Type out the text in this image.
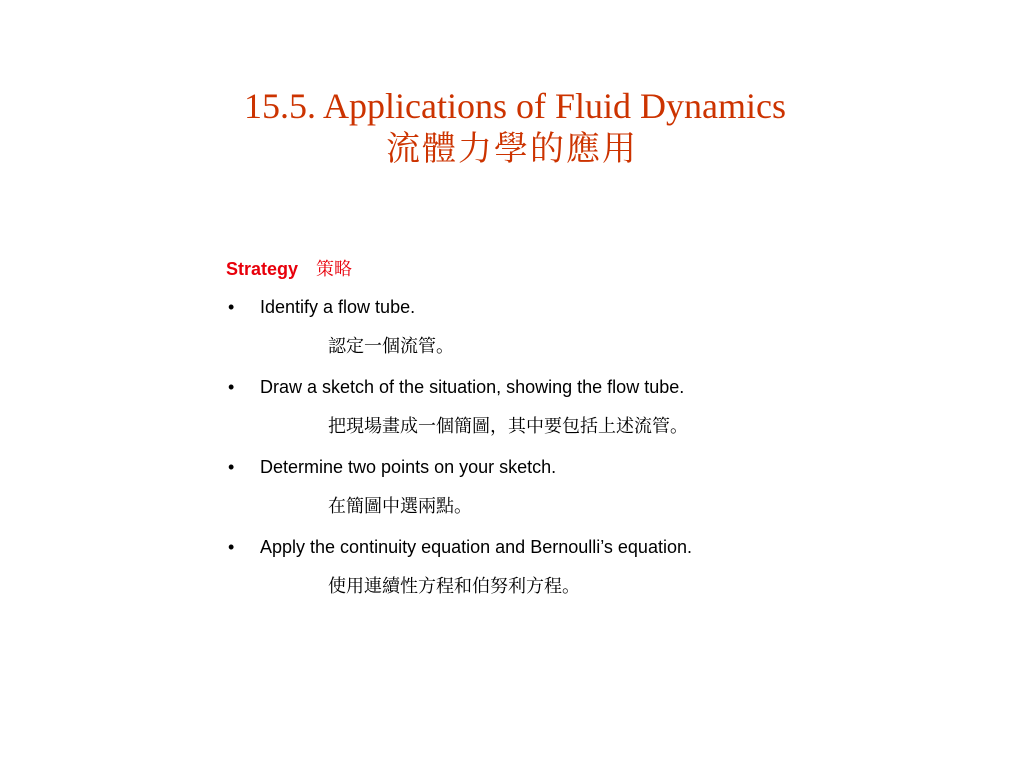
15.5. Applications of Fluid Dynamics
流體力學的應用
Strategy 策略
• Identify a flow tube.
認定一個流管。
• Draw a sketch of the situation, showing the flow tube.
把現場畫成一個簡圖，其中要包括上述流管。
• Determine two points on your sketch.
在簡圖中選兩點。
• Apply the continuity equation and Bernoulli’s equation.
使用連續性方程和伯努利方程。
